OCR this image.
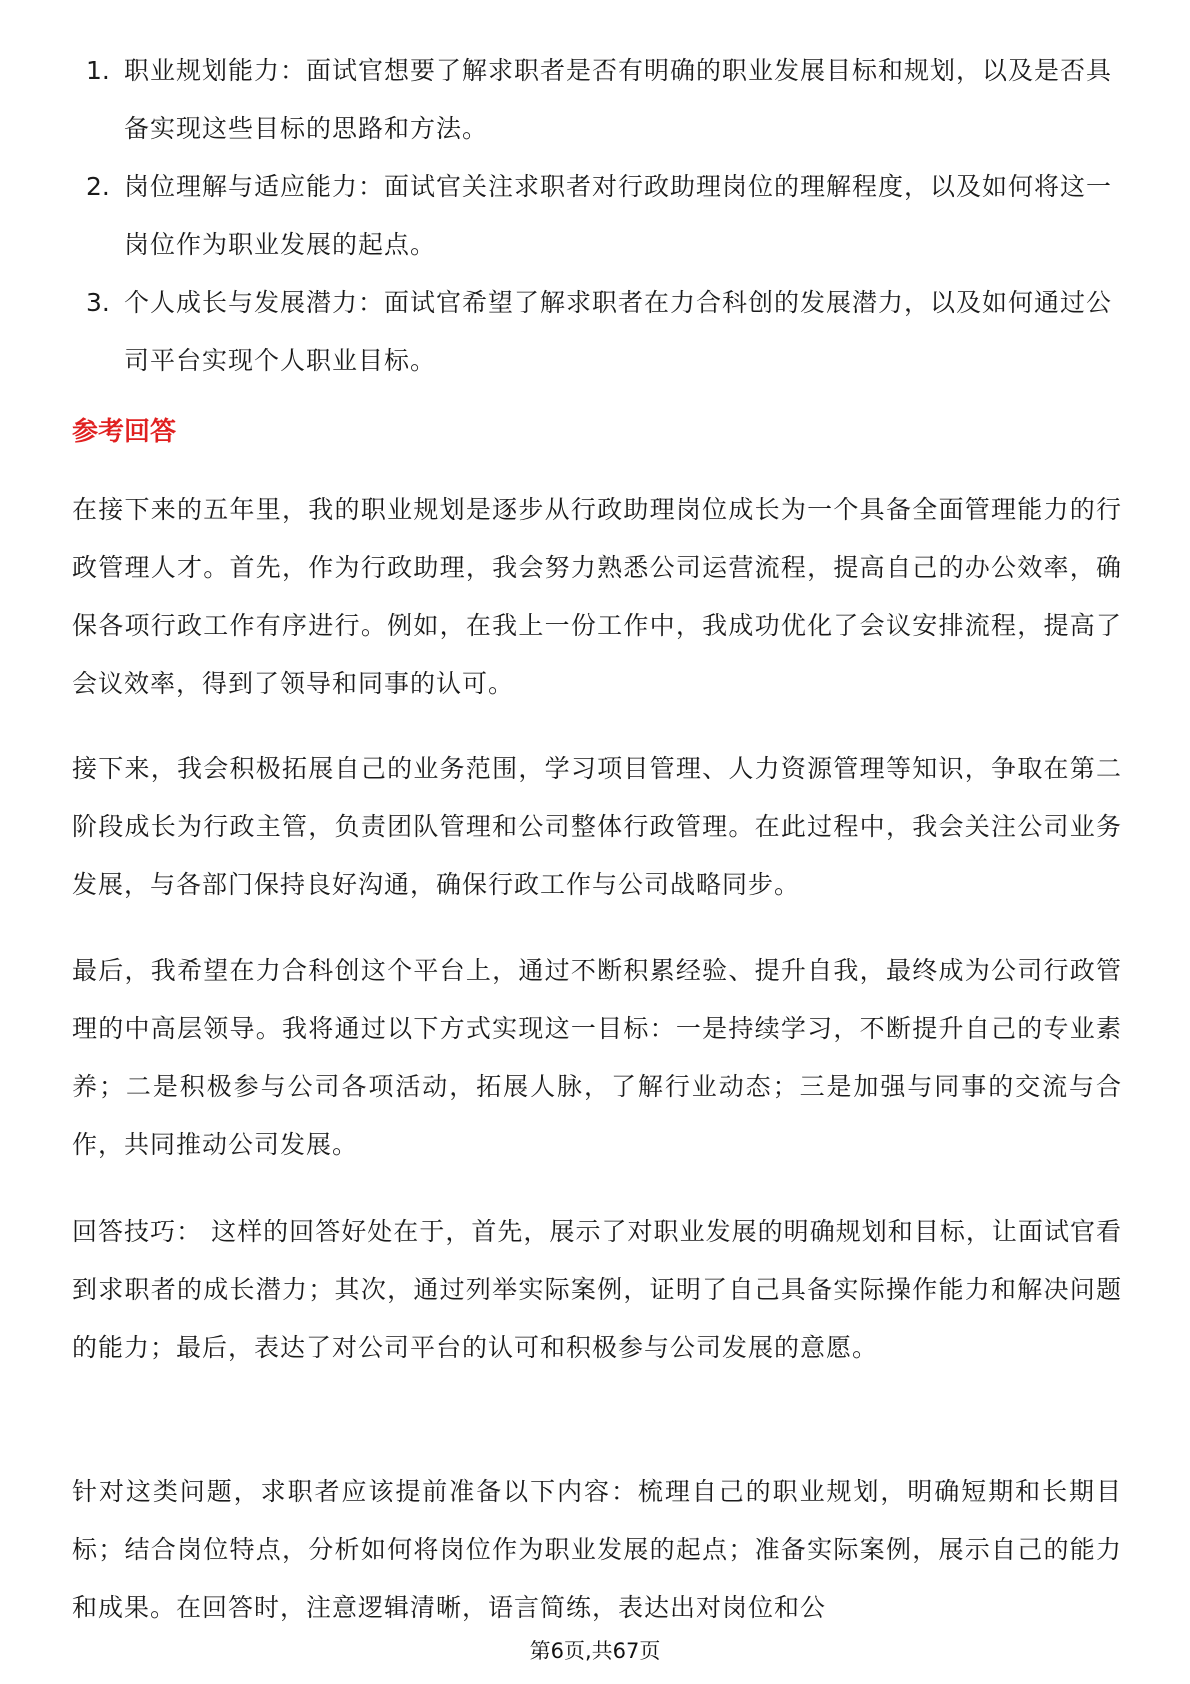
1. 职业规划能力：面试官想要了解求职者是否有明确的职业发展目标和规划，以及是否具备实现这些目标的思路和方法。
2. 岗位理解与适应能力：面试官关注求职者对行政助理岗位的理解程度，以及如何将这一岗位作为职业发展的起点。
3. 个人成长与发展潜力：面试官希望了解求职者在力合科创的发展潜力，以及如何通过公司平台实现个人职业目标。
参考回答

在接下来的五年里，我的职业规划是逐步从行政助理岗位成长为一个具备全面管理能力的行政管理人才。首先，作为行政助理，我会努力熟悉公司运营流程，提高自己的办公效率，确保各项行政工作有序进行。例如，在我上一份工作中，我成功优化了会议安排流程，提高了会议效率，得到了领导和同事的认可。

接下来，我会积极拓展自己的业务范围，学习项目管理、人力资源管理等知识，争取在第二阶段成长为行政主管，负责团队管理和公司整体行政管理。在此过程中，我会关注公司业务发展，与各部门保持良好沟通，确保行政工作与公司战略同步。

最后，我希望在力合科创这个平台上，通过不断积累经验、提升自我，最终成为公司行政管理的中高层领导。我将通过以下方式实现这一目标：一是持续学习，不断提升自己的专业素养；二是积极参与公司各项活动，拓展人脉，了解行业动态；三是加强与同事的交流与合作，共同推动公司发展。

回答技巧： 这样的回答好处在于，首先，展示了对职业发展的明确规划和目标，让面试官看到求职者的成长潜力；其次，通过列举实际案例，证明了自己具备实际操作能力和解决问题的能力；最后，表达了对公司平台的认可和积极参与公司发展的意愿。

针对这类问题，求职者应该提前准备以下内容：梳理自己的职业规划，明确短期和长期目标；结合岗位特点，分析如何将岗位作为职业发展的起点；准备实际案例，展示自己的能力和成果。在回答时，注意逻辑清晰，语言简练，表达出对岗位和公

第6页,共67页
